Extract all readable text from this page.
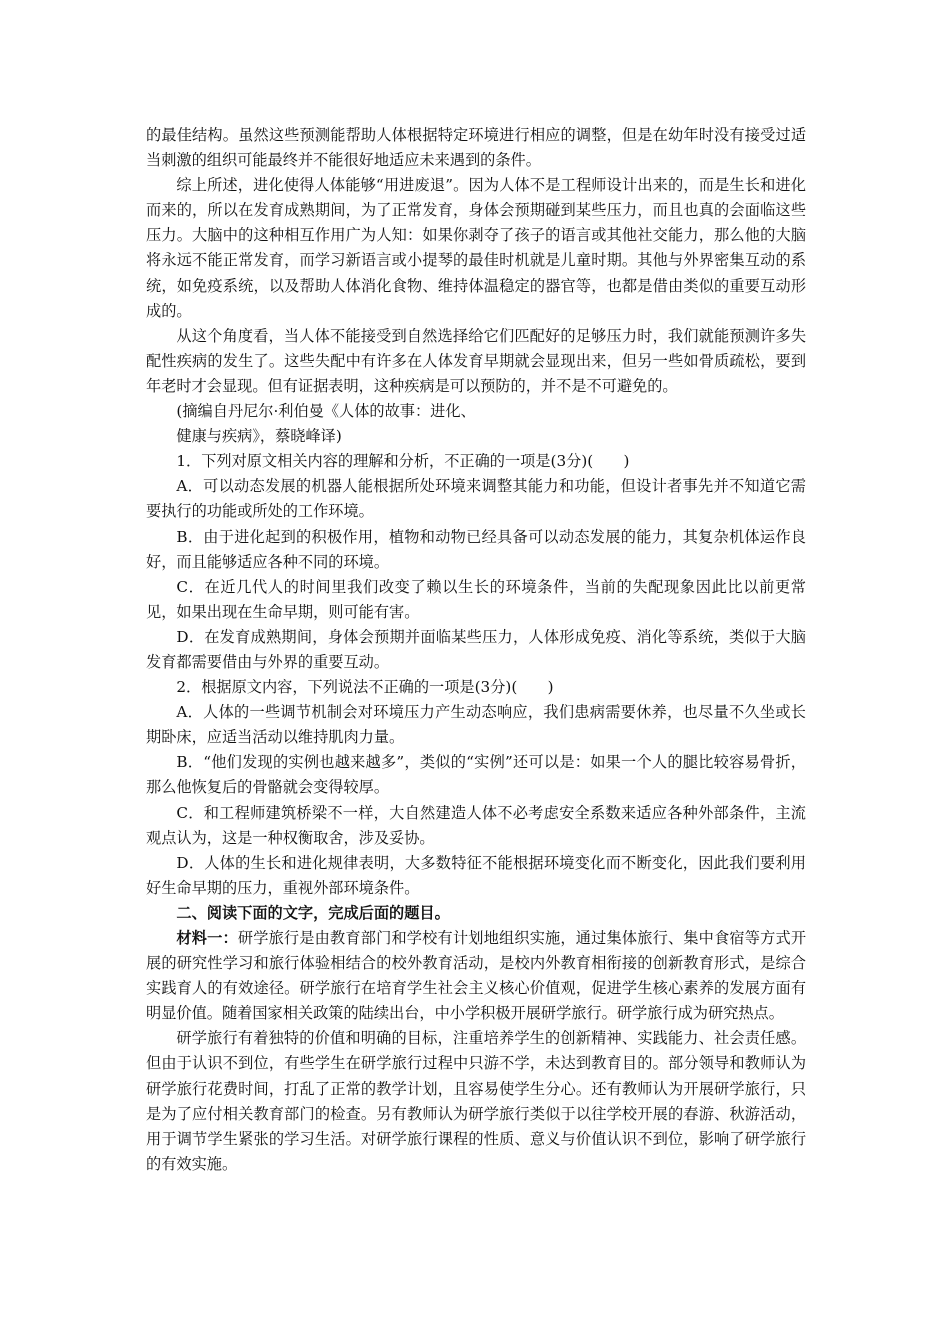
的最佳结构。虽然这些预测能帮助人体根据特定环境进行相应的调整，但是在幼年时没有接受过适当刺激的组织可能最终并不能很好地适应未来遇到的条件。

综上所述，进化使得人体能够“用进废退”。因为人体不是工程师设计出来的，而是生长和进化而来的，所以在发育成熟期间，为了正常发育，身体会预期碰到某些压力，而且也真的会面临这些压力。大脑中的这种相互作用广为人知：如果你剥夺了孩子的语言或其他社交能力，那么他的大脑将永远不能正常发育，而学习新语言或小提琴的最佳时机就是儿童时期。其他与外界密集互动的系统，如免疫系统，以及帮助人体消化食物、维持体温稳定的器官等，也都是借由类似的重要互动形成的。

从这个角度看，当人体不能接受到自然选择给它们匹配好的足够压力时，我们就能预测许多失配性疾病的发生了。这些失配中有许多在人体发育早期就会显现出来，但另一些如骨质疏松，要到年老时才会显现。但有证据表明，这种疾病是可以预防的，并不是不可避免的。

(摘编自丹尼尔·利伯曼《人体的故事：进化、

健康与疾病》，蔡晓峰译)

1．下列对原文相关内容的理解和分析，不正确的一项是(3分)(　　)

A．可以动态发展的机器人能根据所处环境来调整其能力和功能，但设计者事先并不知道它需要执行的功能或所处的工作环境。

B．由于进化起到的积极作用，植物和动物已经具备可以动态发展的能力，其复杂机体运作良好，而且能够适应各种不同的环境。

C．在近几代人的时间里我们改变了赖以生长的环境条件，当前的失配现象因此比以前更常见，如果出现在生命早期，则可能有害。

D．在发育成熟期间，身体会预期并面临某些压力，人体形成免疫、消化等系统，类似于大脑发育都需要借由与外界的重要互动。

2．根据原文内容，下列说法不正确的一项是(3分)(　　)

A．人体的一些调节机制会对环境压力产生动态响应，我们患病需要休养，也尽量不久坐或长期卧床，应适当活动以维持肌肉力量。

B．“他们发现的实例也越来越多”，类似的“实例”还可以是：如果一个人的腿比较容易骨折，那么他恢复后的骨骼就会变得较厚。

C．和工程师建筑桥梁不一样，大自然建造人体不必考虑安全系数来适应各种外部条件，主流观点认为，这是一种权衡取舍，涉及妥协。

D．人体的生长和进化规律表明，大多数特征不能根据环境变化而不断变化，因此我们要利用好生命早期的压力，重视外部环境条件。

二、阅读下面的文字，完成后面的题目。

材料一：研学旅行是由教育部门和学校有计划地组织实施，通过集体旅行、集中食宿等方式开展的研究性学习和旅行体验相结合的校外教育活动，是校内外教育相衔接的创新教育形式，是综合实践育人的有效途径。研学旅行在培育学生社会主义核心价值观，促进学生核心素养的发展方面有明显价值。随着国家相关政策的陆续出台，中小学积极开展研学旅行。研学旅行成为研究热点。

研学旅行有着独特的价值和明确的目标，注重培养学生的创新精神、实践能力、社会责任感。但由于认识不到位，有些学生在研学旅行过程中只游不学，未达到教育目的。部分领导和教师认为研学旅行花费时间，打乱了正常的教学计划，且容易使学生分心。还有教师认为开展研学旅行，只是为了应付相关教育部门的检查。另有教师认为研学旅行类似于以往学校开展的春游、秋游活动，用于调节学生紧张的学习生活。对研学旅行课程的性质、意义与价值认识不到位，影响了研学旅行的有效实施。
